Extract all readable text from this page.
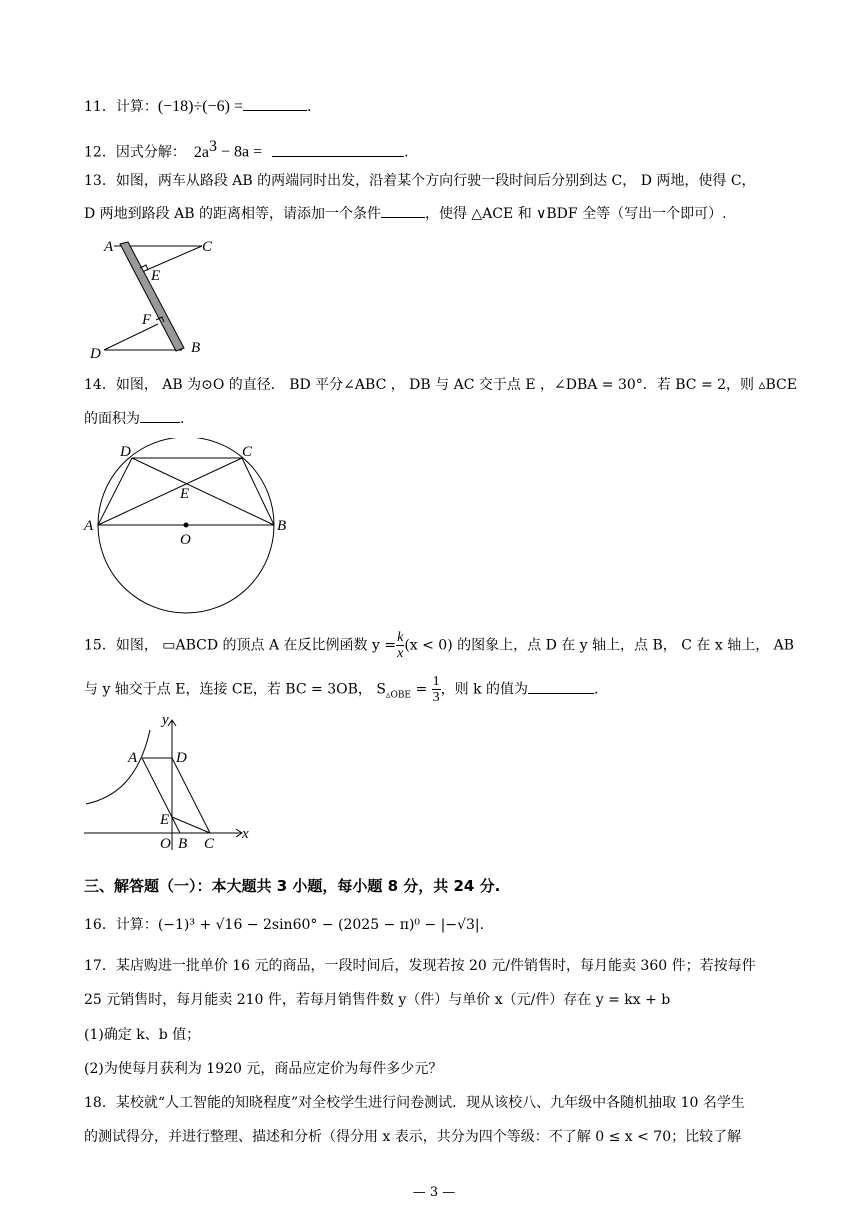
11．计算：(−18)÷(−6) =	.
12．因式分解： $2a^3 - 8a$ =	.
13．如图，两车从路段 AB 的两端同时出发，沿着某个方向行驶一段时间后分别到达 C， D 两地，使得 C，
D 两地到路段 AB 的距离相等，请添加一个条件	，使得 △ACE 和 ∨BDF 全等（写出一个即可）.
A	C
E
F
D	B
14．如图， AB 为⊙O 的直径． BD 平分∠ABC ， DB 与 AC 交于点 E ，∠DBA = 30°．若 BC = 2，则 ▵BCE
的面积为	.
D	C
E
A
O
B
15．如图， ▭ABCD 的顶点 A 在反比例函数 $y = \frac{k}{x} (x < 0)$ 的图象上，点 D 在 y 轴上，点 B， C 在 x 轴上， AB
与 y 轴交于点 E，连接 CE，若 BC = 3OB， $S_{▵OBE} = \frac{1}{3}$ ，则 k 的值为	.
x
y
A	D
E
O B C
三、解答题（一）：本大题共 3 小题，每小题 8 分，共 24 分.
16．计算：(−1)³ + √16 − 2sin60° − (2025 − π)⁰ − |−√3|.
17．某店购进一批单价 16 元的商品，一段时间后，发现若按 20 元/件销售时，每月能卖 360 件；若按每件
25 元销售时，每月能卖 210 件，若每月销售件数 y（件）与单价 x（元/件）存在 y = kx + b
(1)确定 k、b 值；
(2)为使每月获利为 1920 元，商品应定价为每件多少元？
18．某校就“人工智能的知晓程度”对全校学生进行问卷测试．现从该校八、九年级中各随机抽取 10 名学生
的测试得分，并进行整理、描述和分析（得分用 x 表示，共分为四个等级：不了解 0 ≤ x < 70；比较了解
— 3 —
